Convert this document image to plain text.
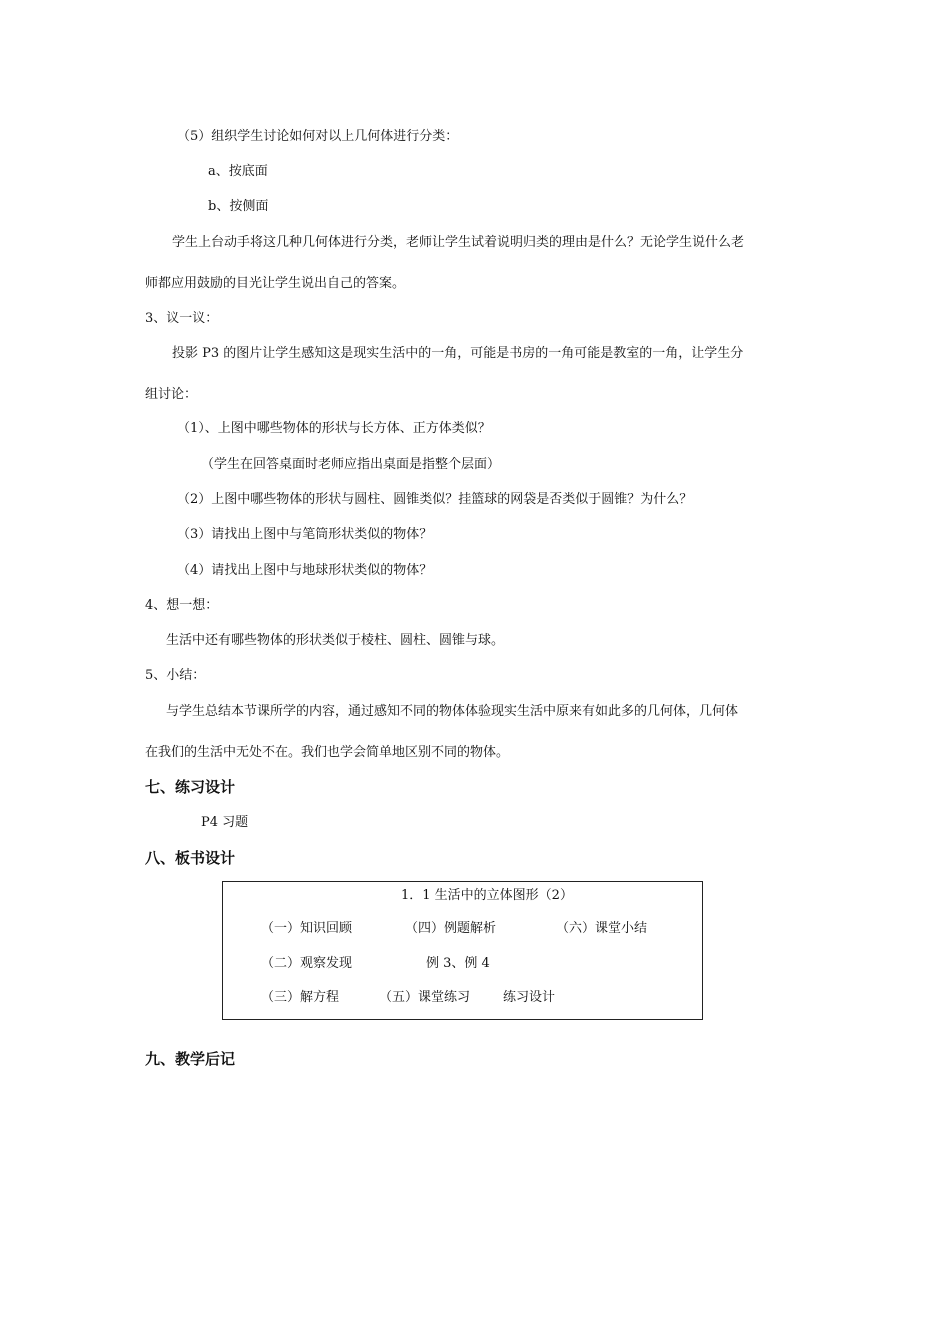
（5）组织学生讨论如何对以上几何体进行分类：
a、按底面
b、按侧面
学生上台动手将这几种几何体进行分类，老师让学生试着说明归类的理由是什么？无论学生说什么老
师都应用鼓励的目光让学生说出自己的答案。
3、议一议：
投影 P3 的图片让学生感知这是现实生活中的一角，可能是书房的一角可能是教室的一角，让学生分
组讨论：
（1）、上图中哪些物体的形状与长方体、正方体类似？
（学生在回答桌面时老师应指出桌面是指整个层面）
（2）上图中哪些物体的形状与圆柱、圆锥类似？挂篮球的网袋是否类似于圆锥？为什么？
（3）请找出上图中与笔筒形状类似的物体？
（4）请找出上图中与地球形状类似的物体？
4、想一想：
生活中还有哪些物体的形状类似于棱柱、圆柱、圆锥与球。
5、小结：
与学生总结本节课所学的内容，通过感知不同的物体体验现实生活中原来有如此多的几何体，几何体
在我们的生活中无处不在。我们也学会简单地区别不同的物体。
七、练习设计
P4 习题
八、板书设计
1．1 生活中的立体图形（2）
（一）知识回顾	（四）例题解析	（六）课堂小结
（二）观察发现	例 3、例 4
（三）解方程	（五）课堂练习	练习设计
九、教学后记
